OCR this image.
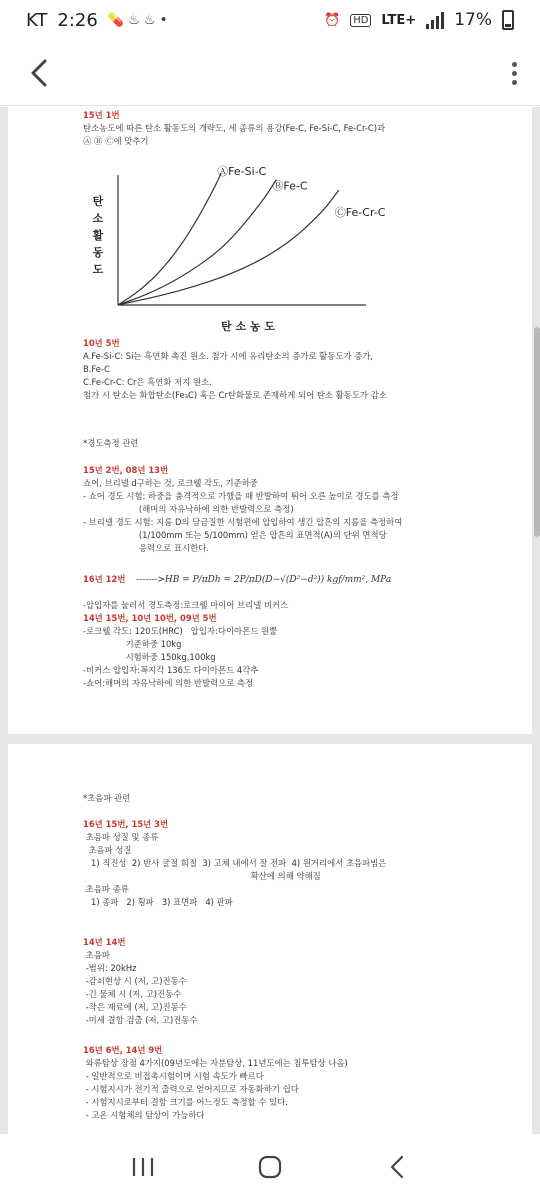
KT 2:26 💊 ♨ ♨ •	⏰	HD LTE+ 17%
15년 1번
탄소농도에 따른 탄소 활동도의 개략도, 세 종류의 용강(Fe-C, Fe-Si-C, Fe-Cr-C)과
Ⓐ Ⓑ Ⓒ에 맞추기
탄 소 활 동 도
ⒶFe-Si-C
ⒷFe-C
ⒸFe-Cr-C
탄 소 농 도
10년 5번
A.Fe-Si-C: Si는 흑연화 촉진 원소. 첨가 시에 유리탄소의 증가로 활동도가 증가,
B.Fe-C
C.Fe-Cr-C: Cr은 흑연화 저지 원소.
첨가 시 탄소는 화합탄소(Fe₃C) 혹은 Cr탄화물로 존재하게 되어 탄소 활동도가 감소
*경도측정 관련
15년 2번, 08년 13번
쇼어, 브리넬 d구하는 것, 로크웰 각도, 기준하중
- 쇼어 경도 시험: 하중을 충격적으로 가했을 때 반발하여 튀어 오른 높이로 경도를 측정
(해머의 자유낙하에 의한 반발력으로 측정)
- 브리넬 경도 시험: 지름 D의 담금질한 시험편에 압입하여 생긴 압흔의 지름을 측정하여
(1/100mm 또는 5/100mm) 얻은 압흔의 표면적(A)의 단위 면적당
응력으로 표시한다.
16년 12번 ------->HB = P/πDh = 2P/πD(D−√(D²−d²)) kgf/mm², MPa
-압입자를 눌러서 경도측정:로크웰 마이어 브리넬 비커스
14년 15번, 10년 10번, 09년 5번
-로크웰 각도: 120도(HRC)   압입자:다이아몬드 원뿔
기준하중 10kg
시험하중 150kg,100kg
-비커스 압입자:꼭지각 136도 다이아몬드 4각추
-쇼어:해머의 자유낙하에 의한 반발력으로 측정
*초음파 관련
16년 15번, 15년 3번
초음파 성질 및 종류
초음파 성질
1) 직진성  2) 반사 굴절 회절  3) 고체 내에서 잘 전파  4) 원거리에서 초음파빔은
확산에 의해 약해짐
초음파 종류
1) 종파   2) 횡파   3) 표면파   4) 판파
14년 14번
초음파
-범위: 20kHz
-감쇠현상 시 (저, 고)진동수
-긴 물체 시 (저, 고)진동수
-작은 재료에 (저, 고)진동수
-미세 결함 검출 (저, 고)진동수
16년 6번, 14년 9번
와류탐상 장점 4가지(09년도에는 자분탐상, 11년도에는 침투탐상 나옴)
- 일반적으로 비접촉시험이며 시험 속도가 빠르다
- 시험지시가 전기적 출력으로 얻어지므로 자동화하기 쉽다
- 시험지시로부터 결함 크기를 어느정도 측정할 수 있다.
- 고온 시험체의 탐상이 가능하다
